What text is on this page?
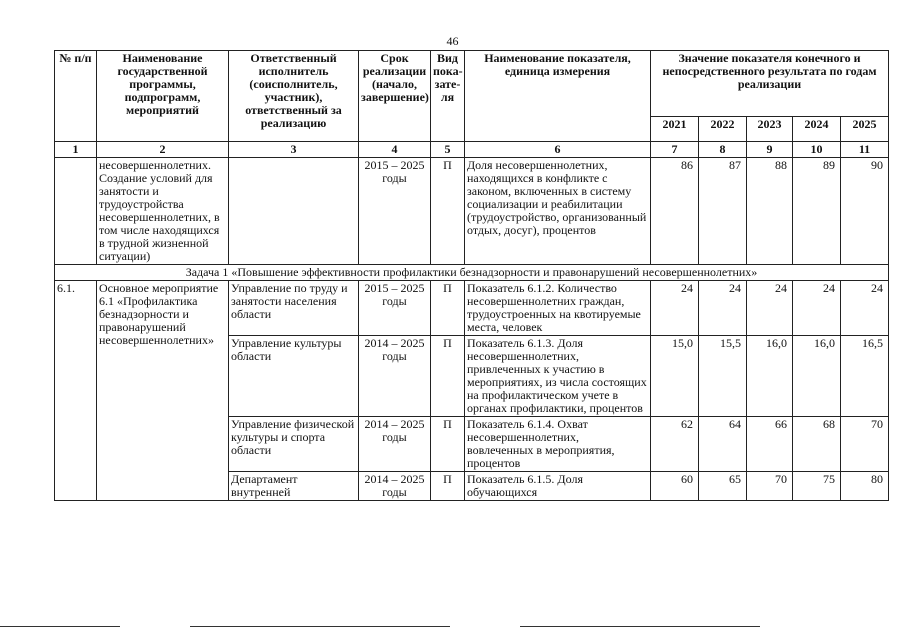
46
№ п/п	Наименование государственной программы, подпрограмм, мероприятий	Ответственный исполнитель (соисполнитель, участник), ответственный за реализацию	Срок реализации (начало, завершение)	Вид пока-зате-ля	Наименование показателя, единица измерения	Значение показателя конечного и непосредственного результата по годам реализации				
						2021	2022	2023	2024	2025
1	2	3	4	5	6	7	8	9	10	11
	несовершеннолетних. Создание условий для занятости и трудоустройства несовершеннолетних, в том числе находящихся в трудной жизненной ситуации)		2015 – 2025 годы	П	Доля несовершеннолетних, находящихся в конфликте с законом, включенных в систему социализации и реабилитации (трудоустройство, организованный отдых, досуг), процентов	86	87	88	89	90
Задача 1 «Повышение эффективности профилактики безнадзорности и правонарушений несовершеннолетних»										
6.1.	Основное мероприятие 6.1 «Профилактика безнадзорности и правонарушений несовершеннолетних»	Управление по труду и занятости населения области	2015 – 2025 годы	П	Показатель 6.1.2. Количество несовершеннолетних граждан, трудоустроенных на квотируемые места, человек	24	24	24	24	24
		Управление культуры области	2014 – 2025 годы	П	Показатель 6.1.3. Доля несовершеннолетних, привлеченных к участию в мероприятиях, из числа состоящих на профилактическом учете в органах профилактики, процентов	15,0	15,5	16,0	16,0	16,5
		Управление физической культуры и спорта области	2014 – 2025 годы	П	Показатель 6.1.4. Охват несовершеннолетних, вовлеченных в мероприятия, процентов	62	64	66	68	70
		Департамент внутренней	2014 – 2025 годы	П	Показатель 6.1.5. Доля обучающихся	60	65	70	75	80
